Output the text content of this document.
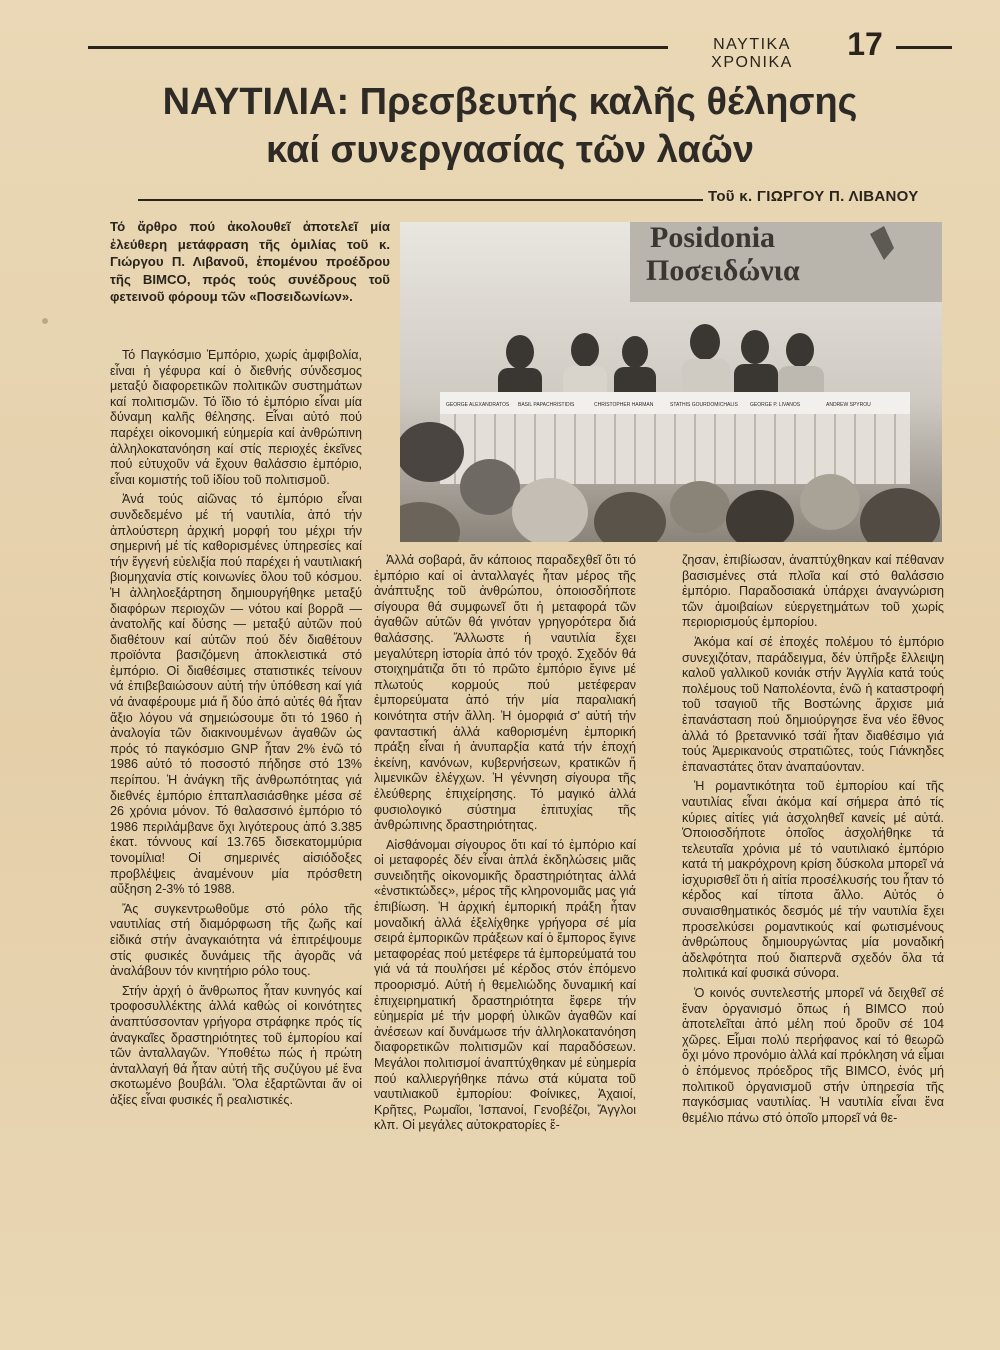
ΝΑΥΤΙΚΑ ΧΡΟΝΙΚΑ
17
ΝΑΥΤΙΛΙΑ: Πρεσβευτής καλῆς θέλησης
καί συνεργασίας τῶν λαῶν
Τοῦ κ. ΓΙΩΡΓΟΥ Π. ΛΙΒΑΝΟΥ
Τό ἄρθρο πού ἀκολουθεῖ ἀποτελεῖ μία ἐλεύθερη μετάφραση τῆς ὁμιλίας τοῦ κ. Γιώργου Π. Λιβανοῦ, ἑπομένου προέδρου τῆς BIMCO, πρός τούς συνέδρους τοῦ φετεινοῦ φόρουμ τῶν «Ποσειδωνίων».
Posidonia
Ποσειδώνια
GEORGE ALEXANDRATOS BASIL PAPACHRISTIDIS	CHRISTOPHER HARMAN	STATHIS GOURDOMICHALIS GEORGE P. LIVANOS	ANDREW SPYROU

Τό Παγκόσμιο Ἐμπόριο, χωρίς ἀμφιβολία, εἶναι ἡ γέφυρα καί ὁ διεθνής σύνδεσμος μεταξύ διαφορετικῶν πολιτικῶν συστημάτων καί πολιτισμῶν. Τό ἴδιο τό ἐμπόριο εἶναι μία δύναμη καλῆς θέλησης. Εἶναι αὐτό πού παρέχει οἰκονομική εὐημερία καί ἀνθρώπινη ἀλληλοκατανόηση καί στίς περιοχές ἐκεῖνες πού εὐτυχοῦν νά ἔχουν θαλάσσιο ἐμπόριο, εἶναι κομιστής τοῦ ἰδίου τοῦ πολιτισμοῦ.

Ἀνά τούς αἰῶνας τό ἐμπόριο εἶναι συνδεδεμένο μέ τή ναυτιλία, ἀπό τήν ἁπλούστερη ἀρχική μορφή του μέχρι τήν σημερινή μέ τίς καθορισμένες ὑπηρεσίες καί τήν ἔγγενή εὐελιξία πού παρέχει ἡ ναυτιλιακή βιομηχανία στίς κοινωνίες ὅλου τοῦ κόσμου. Ἡ ἀλληλοεξάρτηση δημιουργήθηκε μεταξύ διαφόρων περιοχῶν — νότου καί βορρᾶ — ἀνατολῆς καί δύσης — μεταξύ αὐτῶν πού διαθέτουν καί αὐτῶν πού δέν διαθέτουν προϊόντα βασιζόμενη ἀποκλειστικά στό ἐμπόριο. Οἱ διαθέσιμες στατιστικές τείνουν νά ἐπιβεβαιώσουν αὐτή τήν ὑπόθεση καί γιά νά ἀναφέρουμε μιά ἤ δύο ἀπό αὐτές θά ἦταν ἄξιο λόγου νά σημειώσουμε ὅτι τό 1960 ἡ ἀναλογία τῶν διακινουμένων ἀγαθῶν ὡς πρός τό παγκόσμιο GNP ἦταν 2% ἐνῶ τό 1986 αὐτό τό ποσοστό πήδησε στό 13% περίπου. Ἡ ἀνάγκη τῆς ἀνθρωπότητας γιά διεθνές ἐμπόριο ἑπταπλασιάσθηκε μέσα σέ 26 χρόνια μόνον. Τό θαλασσινό ἐμπόριο τό 1986 περιλάμβανε ὄχι λιγότερους ἀπό 3.385 ἑκατ. τόννους καί 13.765 δισεκατομμύρια τονομίλια! Οἱ σημερινές αἰσιόδοξες προβλέψεις ἀναμένουν μία πρόσθετη αὔξηση 2-3% τό 1988.

Ἄς συγκεντρωθοῦμε στό ρόλο τῆς ναυτιλίας στή διαμόρφωση τῆς ζωῆς καί εἰδικά στήν ἀναγκαιότητα νά ἐπιτρέψουμε στίς φυσικές δυνάμεις τῆς ἀγορᾶς νά ἀναλάβουν τόν κινητήριο ρόλο τους.

Στήν ἀρχή ὁ ἄνθρωπος ἦταν κυνηγός καί τροφοσυλλέκτης ἀλλά καθώς οἱ κοινότητες ἀναπτύσσονταν γρήγορα στράφηκε πρός τίς ἀναγκαῖες δραστηριότητες τοῦ ἐμπορίου καί τῶν ἀνταλλαγῶν. Ὑποθέτω πώς ἡ πρώτη ἀνταλλαγή θά ἦταν αὐτή τῆς συζύγου μέ ἕνα σκοτωμένο βουβάλι. Ὅλα ἐξαρτῶνται ἄν οἱ ἀξίες εἶναι φυσικές ἤ ρεαλιστικές.

Ἀλλά σοβαρά, ἄν κάποιος παραδεχθεῖ ὅτι τό ἐμπόριο καί οἱ ἀνταλλαγές ἦταν μέρος τῆς ἀνάπτυξης τοῦ ἀνθρώπου, ὁποιοσδήποτε σίγουρα θά συμφωνεῖ ὅτι ἡ μεταφορά τῶν ἀγαθῶν αὐτῶν θά γινόταν γρηγορότερα διά θαλάσσης. Ἄλλωστε ἡ ναυτιλία ἔχει μεγαλύτερη ἱστορία ἀπό τόν τροχό. Σχεδόν θά στοιχημάτιζα ὅτι τό πρῶτο ἐμπόριο ἔγινε μέ πλωτούς κορμούς πού μετέφεραν ἐμπορεύματα ἀπό τήν μία παραλιακή κοινότητα στήν ἄλλη. Ἡ ὀμορφιά σ' αὐτή τήν φανταστική ἀλλά καθορισμένη ἐμπορική πράξη εἶναι ἡ ἀνυπαρξία κατά τήν ἐποχή ἐκείνη, κανόνων, κυβερνήσεων, κρατικῶν ἤ λιμενικῶν ἐλέγχων. Ἡ γέννηση σίγουρα τῆς ἐλεύθερης ἐπιχείρησης. Τό μαγικό ἀλλά φυσιολογικό σύστημα ἐπιτυχίας τῆς ἀνθρώπινης δραστηριότητας.

Αἰσθάνομαι σίγουρος ὅτι καί τό ἐμπόριο καί οἱ μεταφορές δέν εἶναι ἁπλά ἐκδηλώσεις μιᾶς συνειδητῆς οἰκονομικῆς δραστηριότητας ἀλλά «ἐνστικτώδες», μέρος τῆς κληρονομιᾶς μας γιά ἐπιβίωση. Ἡ ἀρχική ἐμπορική πράξη ἦταν μοναδική ἀλλά ἐξελίχθηκε γρήγορα σέ μία σειρά ἐμπορικῶν πράξεων καί ὁ ἔμπορος ἔγινε μεταφορέας πού μετέφερε τά ἐμπορεύματά του γιά νά τά πουλήσει μέ κέρδος στόν ἐπόμενο προορισμό. Αὐτή ἡ θεμελιώδης δυναμική καί ἐπιχειρηματική δραστηριότητα ἔφερε τήν εὐημερία μέ τήν μορφή ὑλικῶν ἀγαθῶν καί ἀνέσεων καί δυνάμωσε τήν ἀλληλοκατανόηση διαφορετικῶν πολιτισμῶν καί παραδόσεων. Μεγάλοι πολιτισμοί ἀναπτύχθηκαν μέ εὐημερία πού καλλιεργήθηκε πάνω στά κύματα τοῦ ναυτιλιακοῦ ἐμπορίου: Φοίνικες, Ἀχαιοί, Κρῆτες, Ρωμαῖοι, Ἱσπανοί, Γενοβέζοι, Ἄγγλοι κλπ. Οἱ μεγάλες αὐτοκρατορίες ἔ-

ζησαν, ἐπιβίωσαν, ἀναπτύχθηκαν καί πέθαναν βασισμένες στά πλοῖα καί στό θαλάσσιο ἐμπόριο. Παραδοσιακά ὑπάρχει ἀναγνώριση τῶν ἀμοιβαίων εὐεργετημάτων τοῦ χωρίς περιορισμούς ἐμπορίου.

Ἀκόμα καί σέ ἐποχές πολέμου τό ἐμπόριο συνεχιζόταν, παράδειγμα, δέν ὑπῆρξε ἔλλειψη καλοῦ γαλλικοῦ κονιάκ στήν Ἀγγλία κατά τούς πολέμους τοῦ Ναπολέοντα, ἐνῶ ἡ καταστροφή τοῦ τσαγιοῦ τῆς Βοστώνης ἄρχισε μιά ἐπανάσταση πού δημιούργησε ἕνα νέο ἔθνος ἀλλά τό βρεταννικό τσάϊ ἦταν διαθέσιμο γιά τούς Ἀμερικανούς στρατιῶτες, τούς Γιάνκηδες ἐπαναστάτες ὅταν ἀναπαύονταν.

Ἡ ρομαντικότητα τοῦ ἐμπορίου καί τῆς ναυτιλίας εἶναι ἀκόμα καί σήμερα ἀπό τίς κύριες αἰτίες γιά ἀσχοληθεῖ κανείς μέ αὐτά. Ὁποιοσδήποτε ὁποῖος ἀσχολήθηκε τά τελευταῖα χρόνια μέ τό ναυτιλιακό ἐμπόριο κατά τή μακρόχρονη κρίση δύσκολα μπορεῖ νά ἰσχυρισθεῖ ὅτι ἡ αἰτία προσέλκυσής του ἦταν τό κέρδος καί τίποτα ἄλλο. Αὐτός ὁ συναισθηματικός δεσμός μέ τήν ναυτιλία ἔχει προσελκύσει ρομαντικούς καί φωτισμένους ἀνθρώπους δημιουργώντας μία μοναδική ἀδελφότητα πού διαπερνᾶ σχεδόν ὅλα τά πολιτικά καί φυσικά σύνορα.

Ὁ κοινός συντελεστής μπορεῖ νά δειχθεῖ σέ ἕναν ὀργανισμό ὅπως ἡ BIMCO πού ἀποτελεῖται ἀπό μέλη πού δροῦν σέ 104 χῶρες. Εἶμαι πολύ περήφανος καί τό θεωρῶ ὄχι μόνο προνόμιο ἀλλά καί πρόκληση νά εἶμαι ὁ ἑπόμενος πρόεδρος τῆς BIMCO, ἑνός μή πολιτικοῦ ὀργανισμοῦ στήν ὑπηρεσία τῆς παγκόσμιας ναυτιλίας. Ἡ ναυτιλία εἶναι ἕνα θεμέλιο πάνω στό ὁποῖο μπορεῖ νά θε-
